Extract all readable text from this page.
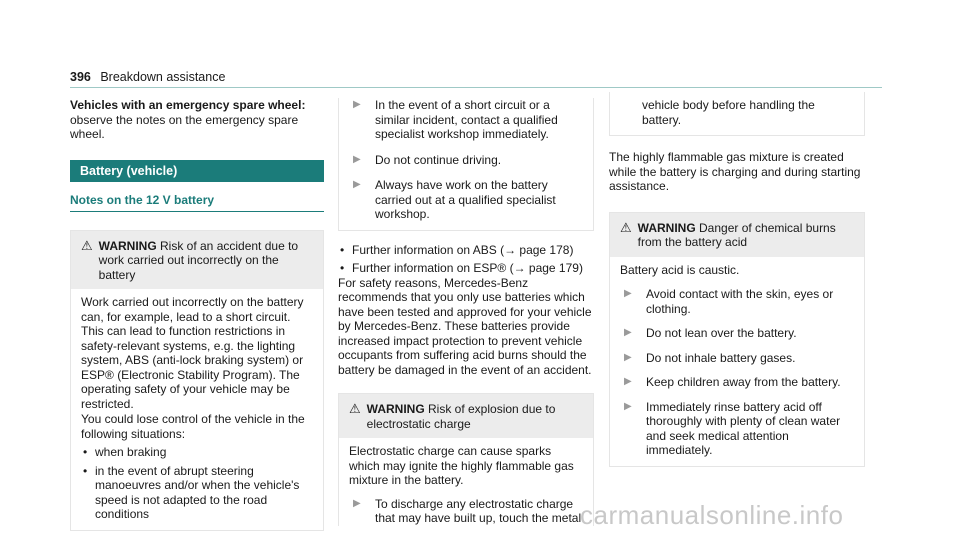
396 Breakdown assistance

Vehicles with an emergency spare wheel:

observe the notes on the emergency spare wheel.

Battery (vehicle)
Notes on the 12 V battery
⚠ WARNING Risk of an accident due to work carried out incorrectly on the battery

Work carried out incorrectly on the battery can, for example, lead to a short circuit. This can lead to function restrictions in safety-relevant systems, e.g. the lighting system, ABS (anti-lock braking system) or ESP® (Electronic Stability Program). The operating safety of your vehicle may be restricted.

You could lose control of the vehicle in the following situations:

• when braking
• in the event of abrupt steering manoeuvres and/or when the vehicle's speed is not adapted to the road conditions
▶	In the event of a short circuit or a similar incident, contact a qualified specialist workshop immediately.
▶	Do not continue driving.
▶	Always have work on the battery carried out at a qualified specialist workshop.
• Further information on ABS (→ page 178)
• Further information on ESP® (→ page 179)

For safety reasons, Mercedes-Benz recommends that you only use batteries which have been tested and approved for your vehicle by Mercedes-Benz. These batteries provide increased impact protection to prevent vehicle occupants from suffering acid burns should the battery be damaged in the event of an accident.

⚠ WARNING Risk of explosion due to electrostatic charge

Electrostatic charge can cause sparks which may ignite the highly flammable gas mixture in the battery.

▶	To discharge any electrostatic charge that may have built up, touch the metal
vehicle body before handling the battery.

The highly flammable gas mixture is created while the battery is charging and during starting assistance.

⚠ WARNING Danger of chemical burns from the battery acid

Battery acid is caustic.

▶	Avoid contact with the skin, eyes or clothing.
▶	Do not lean over the battery.
▶	Do not inhale battery gases.
▶	Keep children away from the battery.
▶	Immediately rinse battery acid off thoroughly with plenty of clean water and seek medical attention immediately.
carmanualsonline.info
